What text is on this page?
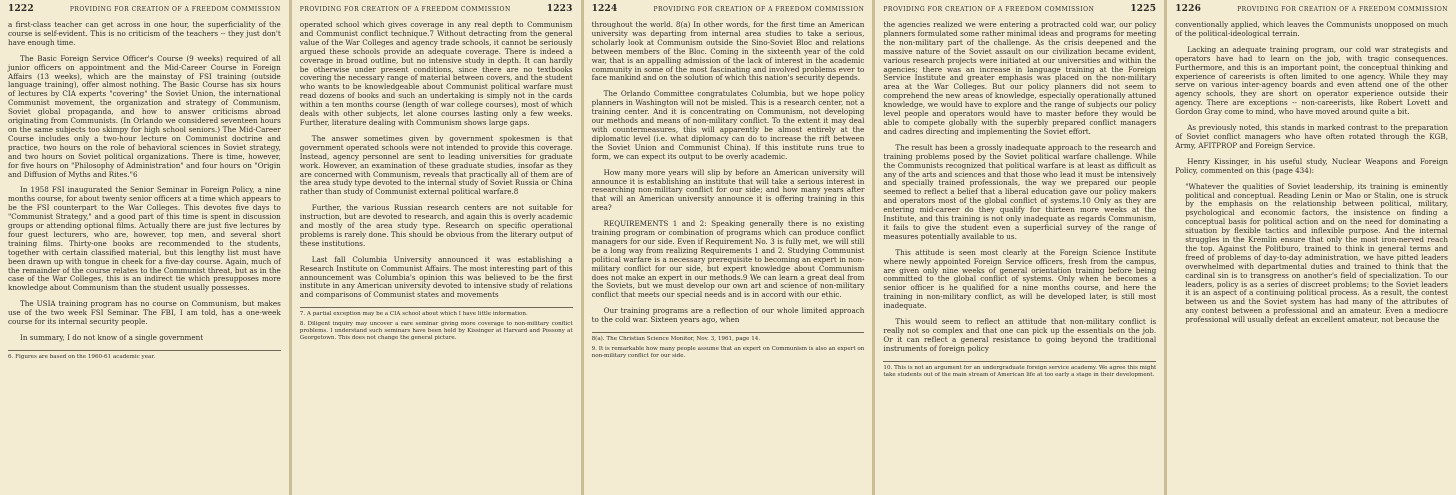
1222	PROVIDING FOR CREATION OF A FREEDOM COMMISSION

a first-class teacher can get across in one hour, the superficiality of the course is self-evident. This is no criticism of the teachers -- they just don't have enough time.

The Basic Foreign Service Officer's Course (9 weeks) required of all junior officers on appointment and the Mid-Career Course in Foreign Affairs (13 weeks), which are the mainstay of FSI training (outside language training), offer almost nothing. The Basic Course has six hours of lectures by CIA experts "covering" the Soviet Union, the international Communist movement, the organization and strategy of Communism, Soviet global propaganda, and how to answer criticisms abroad originating from Communists. (In Orlando we considered seventeen hours on the same subjects too skimpy for high school seniors.) The Mid-Career Course includes only a two-hour lecture on Communist doctrine and practice, two hours on the role of behavioral sciences in Soviet strategy, and two hours on Soviet political organizations. There is time, however, for five hours on "Philosophy of Administration" and four hours on "Origin and Diffusion of Myths and Rites."6

In 1958 FSI inaugurated the Senior Seminar in Foreign Policy, a nine months course, for about twenty senior officers at a time which appears to be the FSI counterpart to the War Colleges. This devotes five days to "Communist Strategy," and a good part of this time is spent in discussion groups or attending optional films. Actually there are just five lectures by four guest lecturers, who are, however, top men, and several short training films. Thirty-one books are recommended to the students, together with certain classified material, but this lengthy list must have been drawn up with tongue in cheek for a five-day course. Again, much of the remainder of the course relates to the Communist threat, but as in the case of the War Colleges, this is an indirect tie which presupposes more knowledge about Communism than the student usually possesses.

The USIA training program has no course on Communism, but makes use of the two week FSI Seminar. The FBI, I am told, has a one-week course for its internal security people.

In summary, I do not know of a single government

6. Figures are based on the 1960-61 academic year.

PROVIDING FOR CREATION OF A FREEDOM COMMISSION	1223

operated school which gives coverage in any real depth to Communism and Communist conflict technique.7 Without detracting from the general value of the War Colleges and agency trade schools, it cannot be seriously argued these schools provide an adequate coverage. There is indeed a coverage in broad outline, but no intensive study in depth. It can hardly be otherwise under present conditions, since there are no textbooks covering the necessary range of material between covers, and the student who wants to be knowledgeable about Communist political warfare must read dozens of books and such an undertaking is simply not in the cards within a ten months course (length of war college courses), most of which deals with other subjects, let alone courses lasting only a few weeks. Further, literature dealing with Communism shows large gaps.

The answer sometimes given by government spokesmen is that government operated schools were not intended to provide this coverage. Instead, agency personnel are sent to leading universities for graduate work. However, an examination of these graduate studies, insofar as they are concerned with Communism, reveals that practically all of them are of the area study type devoted to the internal study of Soviet Russia or China rather than study of Communist external political warfare.8

Further, the various Russian research centers are not suitable for instruction, but are devoted to research, and again this is overly academic and mostly of the area study type. Research on specific operational problems is rarely done. This should be obvious from the literary output of these institutions.

Last fall Columbia University announced it was establishing a Research Institute on Communist Affairs. The most interesting part of this announcement was Columbia's opinion this was believed to be the first institute in any American university devoted to intensive study of relations and comparisons of Communist states and movements

7. A partial exception may be a CIA school about which I have little information.

8. Diligent inquiry may uncover a rare seminar giving more coverage to non-military conflict problems. I understand such seminars have been held by Kissinger at Harvard and Possony at Georgetown. This does not change the general picture.

1224	PROVIDING FOR CREATION OF A FREEDOM COMMISSION

throughout the world. 8(a) In other words, for the first time an American university was departing from internal area studies to take a serious, scholarly look at Communism outside the Sino-Soviet Bloc and relations between members of the Bloc. Coming in the sixteenth year of the cold war, that is an appalling admission of the lack of interest in the academic community in some of the most fascinating and involved problems ever to face mankind and on the solution of which this nation's security depends.

The Orlando Committee congratulates Columbia, but we hope policy planners in Washington will not be misled. This is a research center, not a training center. And it is concentrating on Communism, not developing our methods and means of non-military conflict. To the extent it may deal with countermeasures, this will apparently be almost entirely at the diplomatic level (i.e. what diplomacy can do to increase the rift between the Soviet Union and Communist China). If this institute runs true to form, we can expect its output to be overly academic.

How many more years will slip by before an American university will announce it is establishing an institute that will take a serious interest in researching non-military conflict for our side; and how many years after that will an American university announce it is offering training in this area?

REQUIREMENTS 1 and 2: Speaking generally there is no existing training program or combination of programs which can produce conflict managers for our side. Even if Requirement No. 3 is fully met, we will still be a long way from realizing Requirements 1 and 2. Studying Communist political warfare is a necessary prerequisite to becoming an expert in non-military conflict for our side, but expert knowledge about Communism does not make an expert in our methods.9 We can learn a great deal from the Soviets, but we must develop our own art and science of non-military conflict that meets our special needs and is in accord with our ethic.

Our training programs are a reflection of our whole limited approach to the cold war. Sixteen years ago, when

8(a). The Christian Science Monitor, Nov. 3, 1961, page 14.

9. It is remarkable how many people assume that an expert on Communism is also an expert on non-military conflict for our side.

PROVIDING FOR CREATION OF A FREEDOM COMMISSION	1225

the agencies realized we were entering a protracted cold war, our policy planners formulated some rather minimal ideas and programs for meeting the non-military part of the challenge. As the crisis deepened and the massive nature of the Soviet assault on our civilization became evident, various research projects were initiated at our universities and within the agencies; there was an increase in language training at the Foreign Service Institute and greater emphasis was placed on the non-military area at the War Colleges. But our policy planners did not seem to comprehend the new areas of knowledge, especially operationally attuned knowledge, we would have to explore and the range of subjects our policy level people and operators would have to master before they would be able to compete globally with the superbly prepared conflict managers and cadres directing and implementing the Soviet effort.

The result has been a grossly inadequate approach to the research and training problems posed by the Soviet political warfare challenge. While the Communists recognized that political warfare is at least as difficult as any of the arts and sciences and that those who lead it must be intensively and specially trained professionals, the way we prepared our people seemed to reflect a belief that a liberal education gave our policy makers and operators most of the global conflict of systems.10 Only as they are entering mid-career do they qualify for thirteen more weeks at the Institute, and this training is not only inadequate as regards Communism, it fails to give the student even a superficial survey of the range of measures potentially available to us.

This attitude is seen most clearly at the Foreign Science Institute where newly appointed Foreign Service officers, fresh from the campus, are given only nine weeks of general orientation training before being committed to the global conflict of systems. Only when he becomes a senior officer is he qualified for a nine months course, and here the training in non-military conflict, as will be developed later, is still most inadequate.

This would seem to reflect an attitude that non-military conflict is really not so complex and that one can pick up the essentials on the job. Or it can reflect a general resistance to going beyond the traditional instruments of foreign policy

10. This is not an argument for an undergraduate foreign service academy. We agree this might take students out of the main stream of American life at too early a stage in their development.

1226	PROVIDING FOR CREATION OF A FREEDOM COMMISSION

conventionally applied, which leaves the Communists unopposed on much of the political-ideological terrain.

Lacking an adequate training program, our cold war strategists and operators have had to learn on the job, with tragic consequences. Furthermore, and this is an important point, the conceptual thinking and experience of careerists is often limited to one agency. While they may serve on various inter-agency boards and even attend one of the other agency schools, they are short on operator experience outside their agency. There are exceptions -- non-careerists, like Robert Lovett and Gordon Gray come to mind, who have moved around quite a bit.

As previously noted, this stands in marked contrast to the preparation of Soviet conflict managers who have often rotated through the KGB, Army, AFITPROP and Foreign Service.

Henry Kissinger, in his useful study, Nuclear Weapons and Foreign Policy, commented on this (page 434):

"Whatever the qualities of Soviet leadership, its training is eminently political and conceptual. Reading Lenin or Mao or Stalin, one is struck by the emphasis on the relationship between political, military, psychological and economic factors, the insistence on finding a conceptual basis for political action and on the need for dominating a situation by flexible tactics and inflexible purpose. And the internal struggles in the Kremlin ensure that only the most iron-nerved reach the top. Against the Politburo, trained to think in general terms and freed of problems of day-to-day administration, we have pitted leaders overwhelmed with departmental duties and trained to think that the cardinal sin is to transgress on another's field of specialization. To our leaders, policy is as a series of discreet problems; to the Soviet leaders it is an aspect of a continuing political process. As a result, the contest between us and the Soviet system has had many of the attributes of any contest between a professional and an amateur. Even a mediocre professional will usually defeat an excellent amateur, not because the
